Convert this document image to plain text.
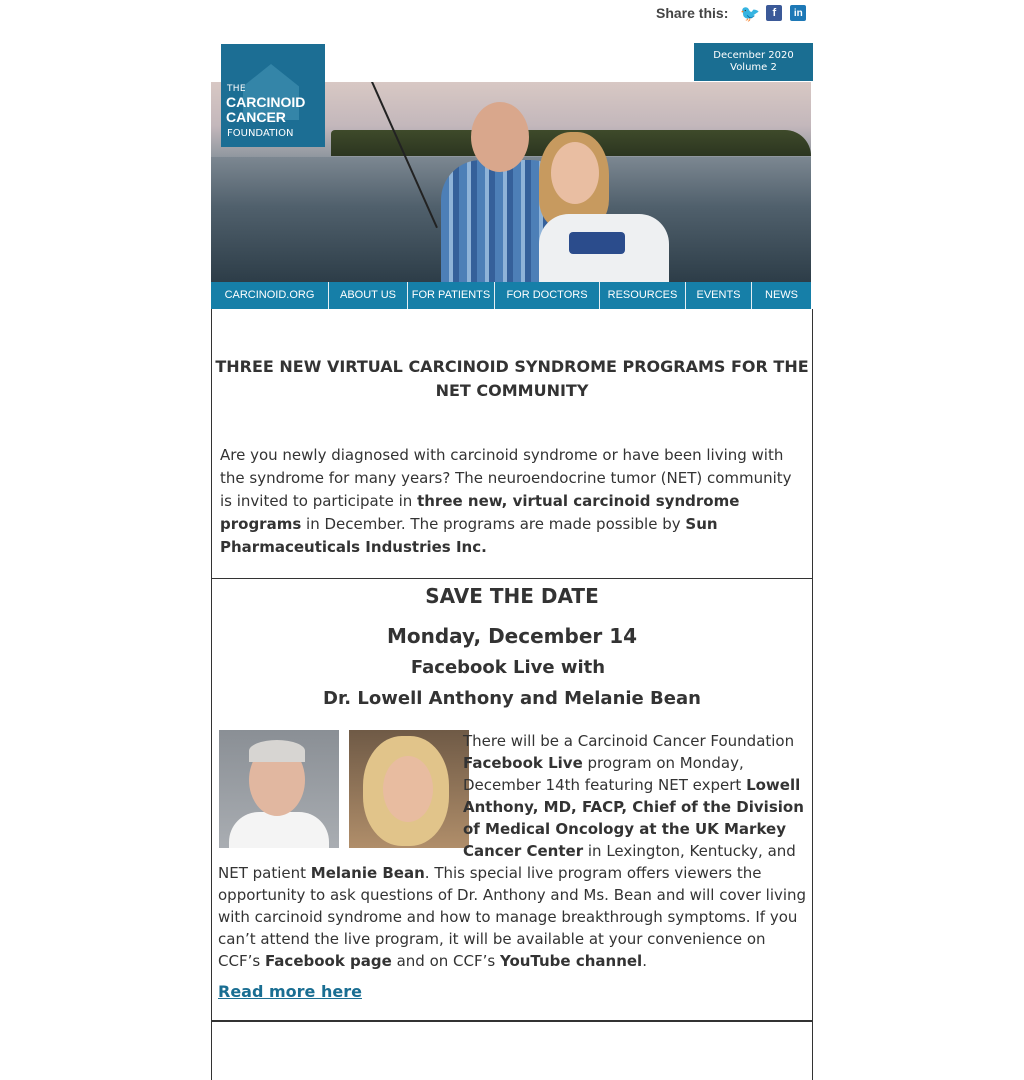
Share this: 🐦	f	in
THE
CARCINOID
CANCER
FOUNDATION
December 2020
Volume 2
CARCINOID.ORG	ABOUT US	FOR PATIENTS	FOR DOCTORS	RESOURCES	EVENTS	NEWS
THREE NEW VIRTUAL CARCINOID SYNDROME PROGRAMS FOR THE NET COMMUNITY

Are you newly diagnosed with carcinoid syndrome or have been living with the syndrome for many years? The neuroendocrine tumor (NET) community is invited to participate in three new, virtual carcinoid syndrome programs in December. The programs are made possible by Sun Pharmaceuticals Industries Inc.

SAVE THE DATE
Monday, December 14
Facebook Live with
Dr. Lowell Anthony and Melanie Bean
There will be a Carcinoid Cancer Foundation Facebook Live program on Monday, December 14th featuring NET expert Lowell Anthony, MD, FACP, Chief of the Division of Medical Oncology at the UK Markey Cancer Center in Lexington, Kentucky, and NET patient Melanie Bean. This special live program offers viewers the opportunity to ask questions of Dr. Anthony and Ms. Bean and will cover living with carcinoid syndrome and how to manage breakthrough symptoms. If you can’t attend the live program, it will be available at your convenience on CCF’s Facebook page and on CCF’s YouTube channel.
Read more here
